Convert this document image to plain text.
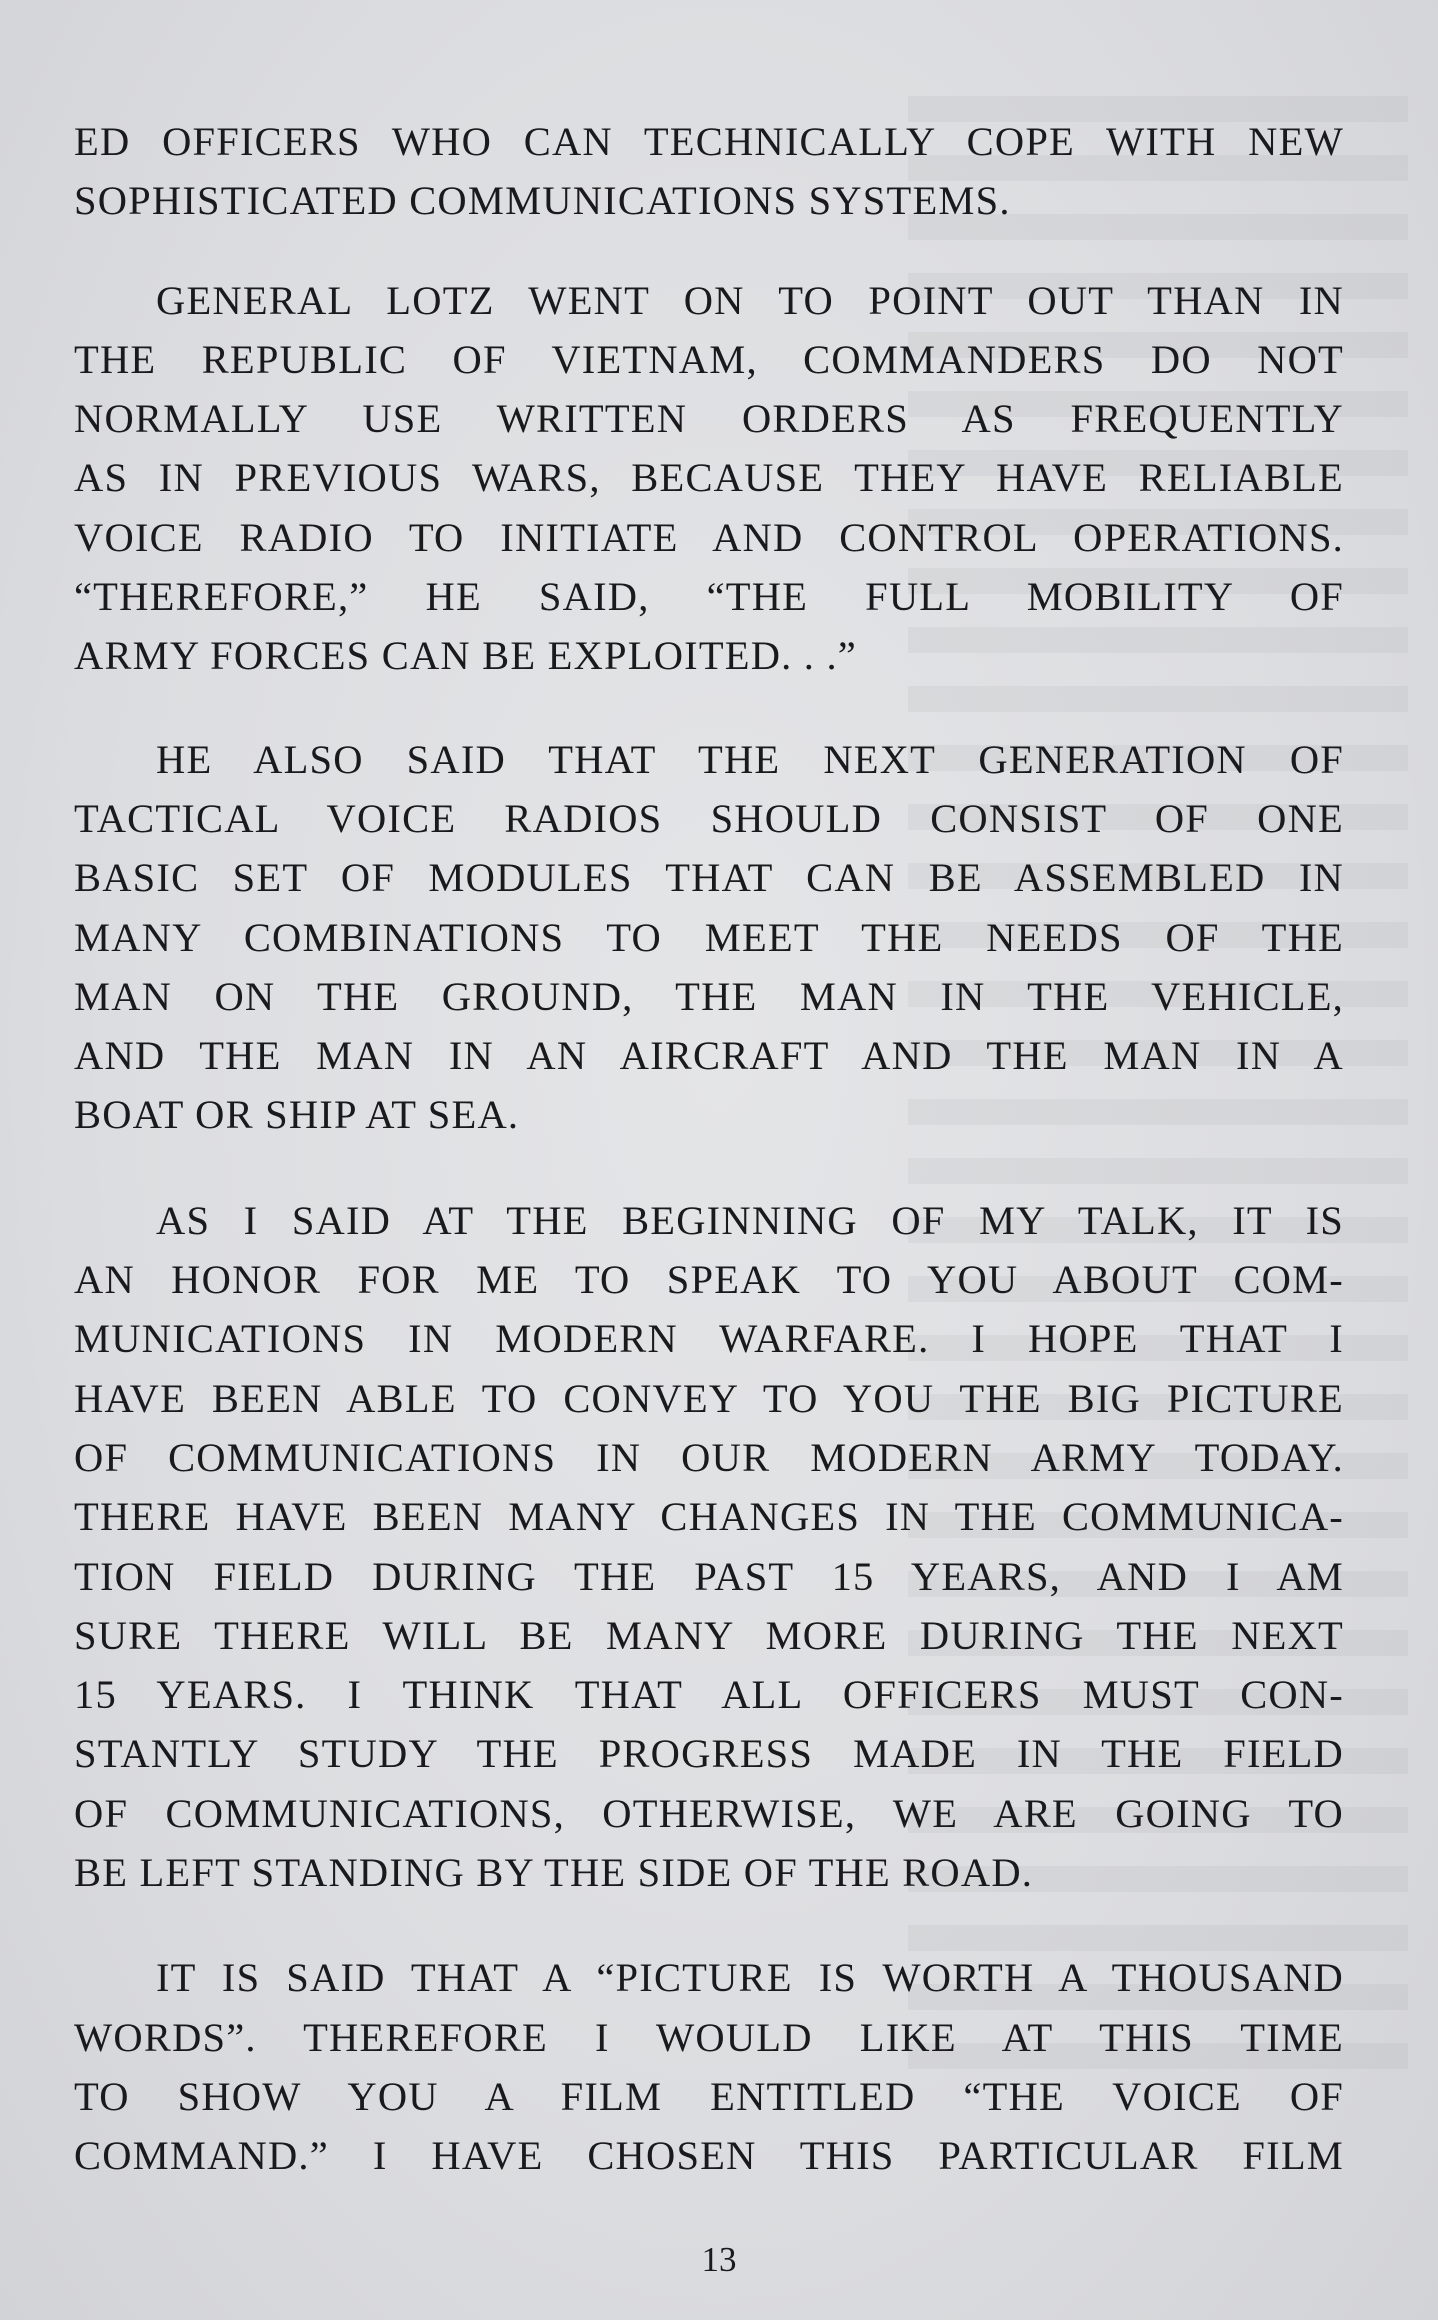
ED OFFICERS WHO CAN TECHNICALLY COPE WITH NEW
SOPHISTICATED COMMUNICATIONS SYSTEMS.

GENERAL LOTZ WENT ON TO POINT OUT THAN IN
THE REPUBLIC OF VIETNAM, COMMANDERS DO NOT
NORMALLY USE WRITTEN ORDERS AS FREQUENTLY
AS IN PREVIOUS WARS, BECAUSE THEY HAVE RELIABLE
VOICE RADIO TO INITIATE AND CONTROL OPERATIONS.
“THEREFORE,” HE SAID, “THE FULL MOBILITY OF
ARMY FORCES CAN BE EXPLOITED. . .”

HE ALSO SAID THAT THE NEXT GENERATION OF
TACTICAL VOICE RADIOS SHOULD CONSIST OF ONE
BASIC SET OF MODULES THAT CAN BE ASSEMBLED IN
MANY COMBINATIONS TO MEET THE NEEDS OF THE
MAN ON THE GROUND, THE MAN IN THE VEHICLE,
AND THE MAN IN AN AIRCRAFT AND THE MAN IN A
BOAT OR SHIP AT SEA.

AS I SAID AT THE BEGINNING OF MY TALK, IT IS
AN HONOR FOR ME TO SPEAK TO YOU ABOUT COM-
MUNICATIONS IN MODERN WARFARE. I HOPE THAT I
HAVE BEEN ABLE TO CONVEY TO YOU THE BIG PICTURE
OF COMMUNICATIONS IN OUR MODERN ARMY TODAY.
THERE HAVE BEEN MANY CHANGES IN THE COMMUNICA-
TION FIELD DURING THE PAST 15 YEARS, AND I AM
SURE THERE WILL BE MANY MORE DURING THE NEXT
15 YEARS. I THINK THAT ALL OFFICERS MUST CON-
STANTLY STUDY THE PROGRESS MADE IN THE FIELD
OF COMMUNICATIONS, OTHERWISE, WE ARE GOING TO
BE LEFT STANDING BY THE SIDE OF THE ROAD.

IT IS SAID THAT A “PICTURE IS WORTH A THOUSAND
WORDS”. THEREFORE I WOULD LIKE AT THIS TIME
TO SHOW YOU A FILM ENTITLED “THE VOICE OF
COMMAND.” I HAVE CHOSEN THIS PARTICULAR FILM

13
